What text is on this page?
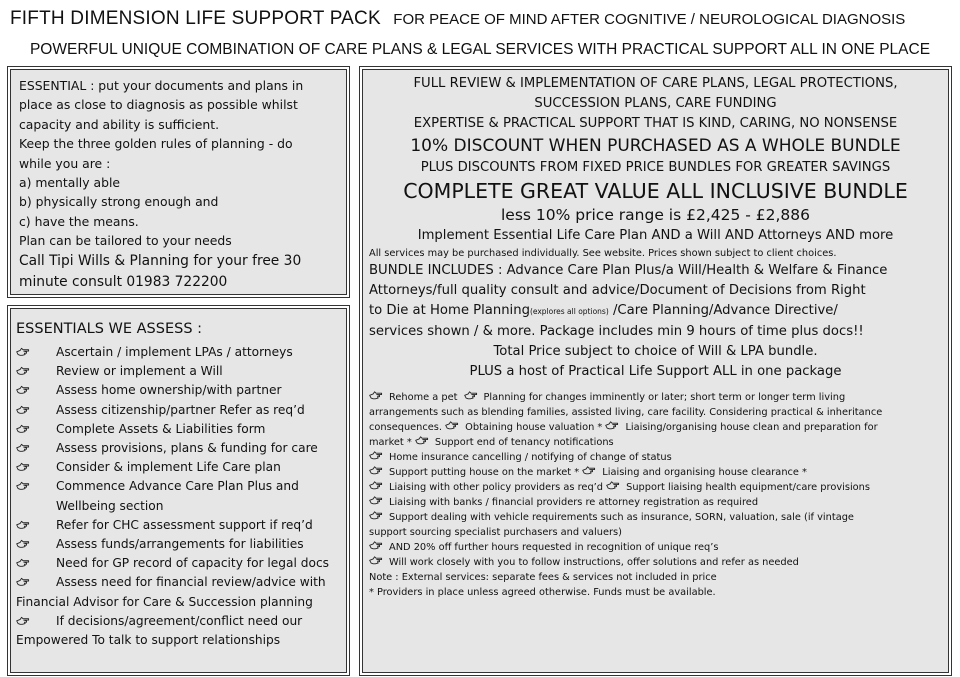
FIFTH DIMENSION LIFE SUPPORT PACK FOR PEACE OF MIND AFTER COGNITIVE / NEUROLOGICAL DIAGNOSIS
POWERFUL UNIQUE COMBINATION OF CARE PLANS & LEGAL SERVICES WITH PRACTICAL SUPPORT ALL IN ONE PLACE
ESSENTIAL : put your documents and plans in
place as close to diagnosis as possible whilst
capacity and ability is sufficient.
Keep the three golden rules of planning - do
while you are :
a) mentally able
b) physically strong enough and
c) have the means.
Plan can be tailored to your needs
Call Tipi Wills & Planning for your free 30
minute consult 01983 722200
ESSENTIALS WE ASSESS :
Ascertain / implement LPAs / attorneys
Review or implement a Will
Assess home ownership/with partner
Assess citizenship/partner Refer as req’d
Complete Assets & Liabilities form
Assess provisions, plans & funding for care
Consider & implement Life Care plan
Commence Advance Care Plan Plus and
Wellbeing section
Refer for CHC assessment support if req’d
Assess funds/arrangements for liabilities
Need for GP record of capacity for legal docs
Assess need for financial review/advice with
Financial Advisor for Care & Succession planning
If decisions/agreement/conflict need our
Empowered To talk to support relationships
FULL REVIEW & IMPLEMENTATION OF CARE PLANS, LEGAL PROTECTIONS,
SUCCESSION PLANS, CARE FUNDING
EXPERTISE & PRACTICAL SUPPORT THAT IS KIND, CARING, NO NONSENSE
10% DISCOUNT WHEN PURCHASED AS A WHOLE BUNDLE
PLUS DISCOUNTS FROM FIXED PRICE BUNDLES FOR GREATER SAVINGS
COMPLETE GREAT VALUE ALL INCLUSIVE BUNDLE
less 10% price range is £2,425 - £2,886
Implement Essential Life Care Plan AND a Will AND Attorneys AND more
All services may be purchased individually. See website. Prices shown subject to client choices.
BUNDLE INCLUDES : Advance Care Plan Plus/a Will/Health & Welfare & Finance
Attorneys/full quality consult and advice/Document of Decisions from Right
to Die at Home Planning(explores all options) /Care Planning/Advance Directive/
services shown / & more. Package includes min 9 hours of time plus docs!!
Total Price subject to choice of Will & LPA bundle.
PLUS a host of Practical Life Support ALL in one package
Rehome a pet	Planning for changes imminently or later; short term or longer term living
arrangements such as blending families, assisted living, care facility. Considering practical & inheritance
consequences. Obtaining house valuation * Liaising/organising house clean and preparation for
market * Support end of tenancy notifications
Home insurance cancelling / notifying of change of status
Support putting house on the market * Liaising and organising house clearance *
Liaising with other policy providers as req’d Support liaising health equipment/care provisions
Liaising with banks / financial providers re attorney registration as required
Support dealing with vehicle requirements such as insurance, SORN, valuation, sale (if vintage
support sourcing specialist purchasers and valuers)
AND 20% off further hours requested in recognition of unique req’s
Will work closely with you to follow instructions, offer solutions and refer as needed
Note : External services: separate fees & services not included in price
* Providers in place unless agreed otherwise. Funds must be available.
